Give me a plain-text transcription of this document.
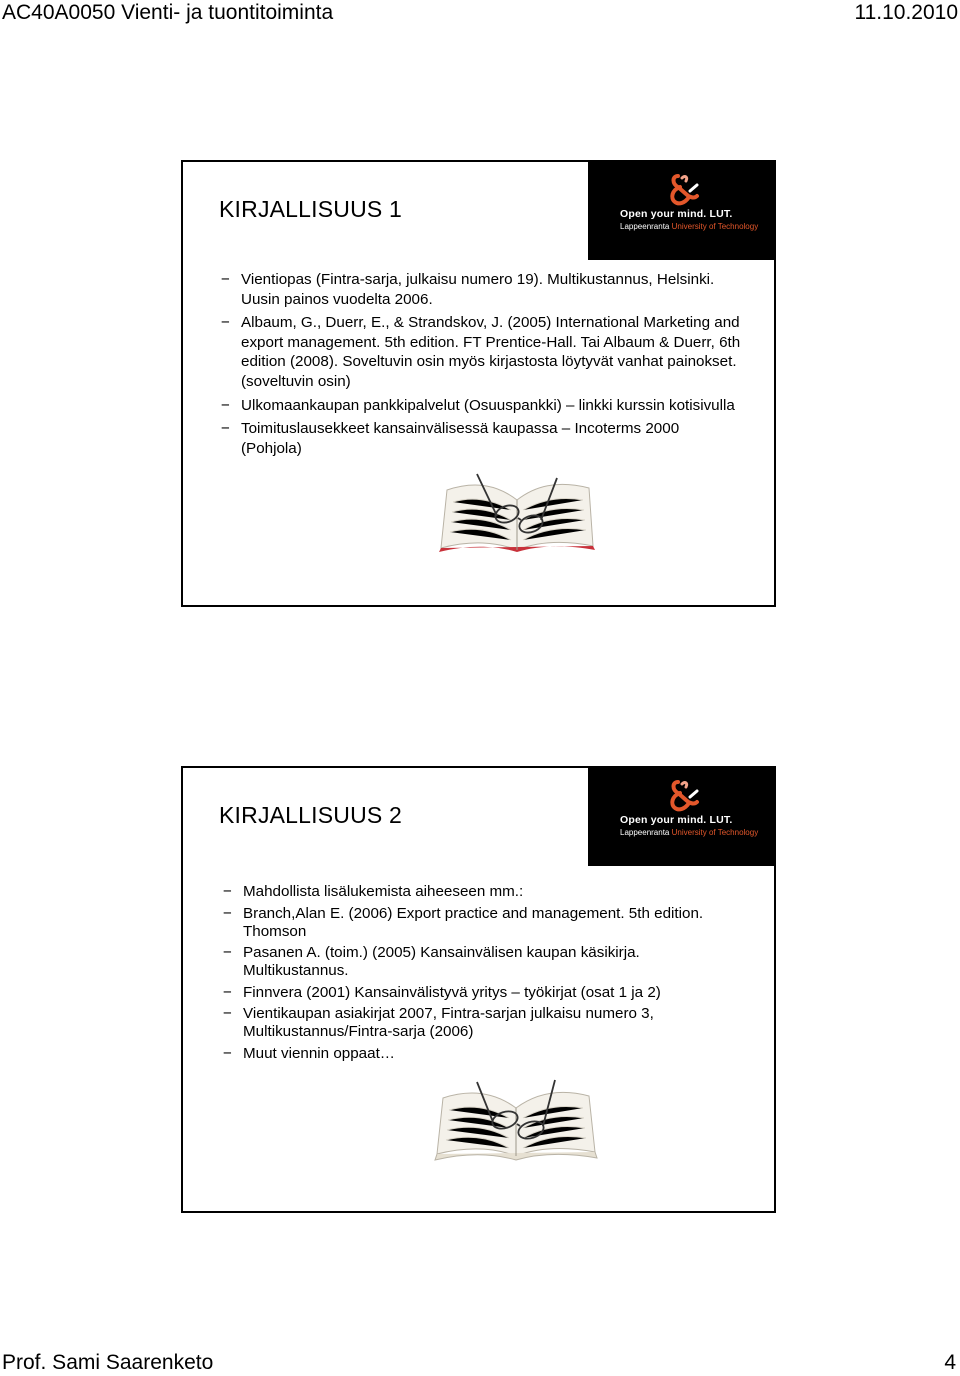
AC40A0050 Vienti- ja tuontitoiminta	11.10.2010
KIRJALLISUUS 1	Open your mind. LUT.
Lappeenranta University of Technology
− Vientiopas (Fintra-sarja, julkaisu numero 19). Multikustannus, Helsinki. Uusin painos vuodelta 2006.
− Albaum, G., Duerr, E., & Strandskov, J. (2005) International Marketing and export management. 5th edition. FT Prentice-Hall. Tai Albaum & Duerr, 6th edition (2008). Soveltuvin osin myös kirjastosta löytyvät vanhat painokset. (soveltuvin osin)
− Ulkomaankaupan pankkipalvelut (Osuuspankki) – linkki kurssin kotisivulla
− Toimituslausekkeet kansainvälisessä kaupassa – Incoterms 2000 (Pohjola)
KIRJALLISUUS 2	Open your mind. LUT.
Lappeenranta University of Technology
− Mahdollista lisälukemista aiheeseen mm.:
− Branch,Alan E. (2006) Export practice and management. 5th edition. Thomson
− Pasanen A. (toim.) (2005) Kansainvälisen kaupan käsikirja. Multikustannus.
− Finnvera (2001) Kansainvälistyvä yritys – työkirjat (osat 1 ja 2)
− Vientikaupan asiakirjat 2007, Fintra-sarjan julkaisu numero 3, Multikustannus/Fintra-sarja (2006)
− Muut viennin oppaat…
Prof. Sami Saarenketo	4
